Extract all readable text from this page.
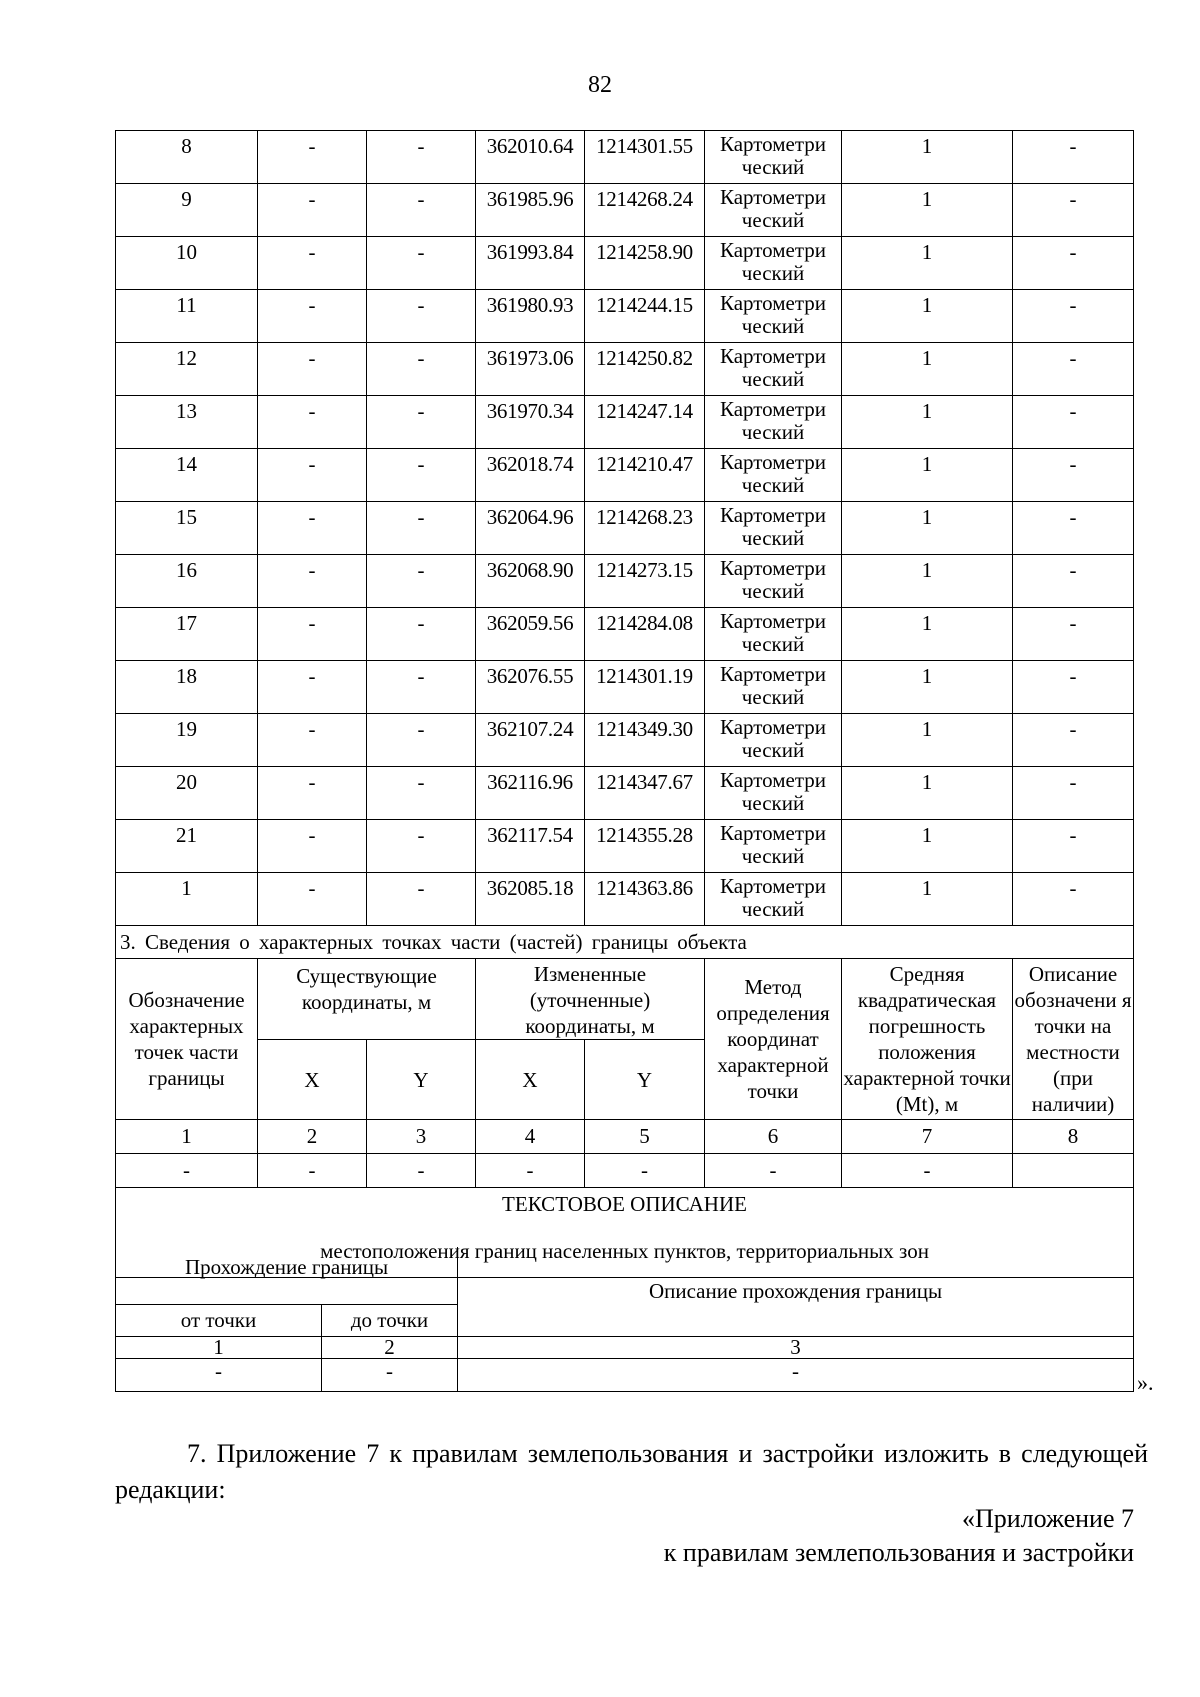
82
8	-	-	362010.64	1214301.55	Картометри ческий	1	-
9	-	-	361985.96	1214268.24	Картометри ческий	1	-
10	-	-	361993.84	1214258.90	Картометри ческий	1	-
11	-	-	361980.93	1214244.15	Картометри ческий	1	-
12	-	-	361973.06	1214250.82	Картометри ческий	1	-
13	-	-	361970.34	1214247.14	Картометри ческий	1	-
14	-	-	362018.74	1214210.47	Картометри ческий	1	-
15	-	-	362064.96	1214268.23	Картометри ческий	1	-
16	-	-	362068.90	1214273.15	Картометри ческий	1	-
17	-	-	362059.56	1214284.08	Картометри ческий	1	-
18	-	-	362076.55	1214301.19	Картометри ческий	1	-
19	-	-	362107.24	1214349.30	Картометри ческий	1	-
20	-	-	362116.96	1214347.67	Картометри ческий	1	-
21	-	-	362117.54	1214355.28	Картометри ческий	1	-
1	-	-	362085.18	1214363.86	Картометри ческий	1	-
3. Сведения о характерных точках части (частей) границы объекта							
Обозначение характерных точек части границы	Существующие координаты, м		Измененные (уточненные) координаты, м		Метод определения координат характерной точки	Средняя квадратическая погрешность положения характерной точки (Mt), м	Описание обозначени я точки на местности (при наличии)
	X	Y	X	Y			
1	2	3	4	5	6	7	8
-	-	-	-	-	-	-	

ТЕКСТОВОЕ ОПИСАНИЕ
местоположения границ населенных пунктов, территориальных зон							
Прохождение границы		Описание прохождения границы
от точки	до точки	
1	2	3
-	-	-	».
7. Приложение 7 к правилам землепользования и застройки изложить в следующей редакции:
«Приложение 7
к правилам землепользования и застройки
